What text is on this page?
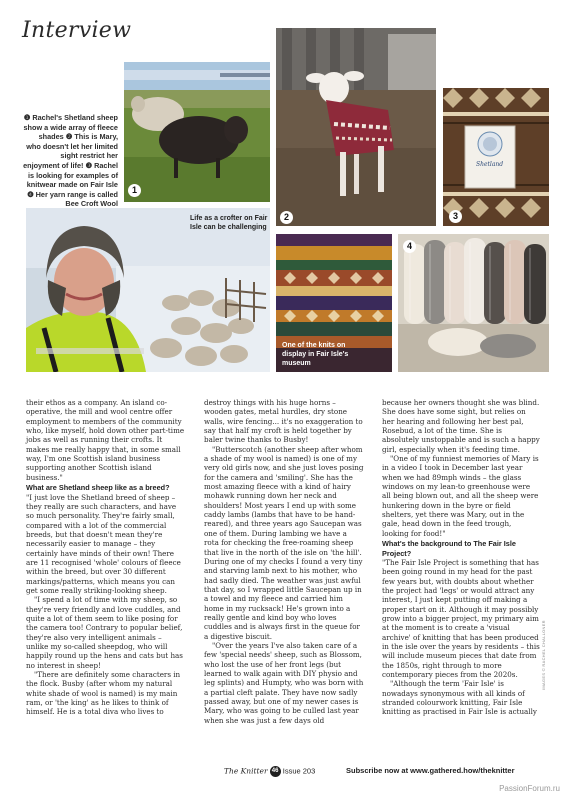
Interview
1
2
Shetland
3
Life as a crofter on Fair Isle can be challenging
One of the knits on display in Fair Isle's museum
4
❶ Rachel's Shetland sheep show a wide array of fleece shades ❷ This is Mary, who doesn't let her limited sight restrict her enjoyment of life! ❸ Rachel is looking for examples of knitwear made on Fair Isle ❹ Her yarn range is called Bee Croft Wool

their ethos as a company. An island co-operative, the mill and wool centre offer employment to members of the community who, like myself, hold down other part-time jobs as well as running their crofts. It makes me really happy that, in some small way, I'm one Scottish island business supporting another Scottish island business."

What are Shetland sheep like as a breed?

"I just love the Shetland breed of sheep – they really are such characters, and have so much personality. They're fairly small, compared with a lot of the commercial breeds, but that doesn't mean they're necessarily easier to manage – they certainly have minds of their own! There are 11 recognised 'whole' colours of fleece within the breed, but over 30 different markings/patterns, which means you can get some really striking-looking sheep.

"I spend a lot of time with my sheep, so they're very friendly and love cuddles, and quite a lot of them seem to like posing for the camera too! Contrary to popular belief, they're also very intelligent animals – unlike my so-called sheepdog, who will happily round up the hens and cats but has no interest in sheep!

"There are definitely some characters in the flock. Busby (after whom my natural white shade of wool is named) is my main ram, or 'the king' as he likes to think of himself. He is a total diva who lives to

destroy things with his huge horns – wooden gates, metal hurdles, dry stone walls, wire fencing... it's no exaggeration to say that half my croft is held together by baler twine thanks to Busby!

"Butterscotch (another sheep after whom a shade of my wool is named) is one of my very old girls now, and she just loves posing for the camera and 'smiling'. She has the most amazing fleece with a kind of hairy mohawk running down her neck and shoulders! Most years I end up with some caddy lambs (lambs that have to be hand-reared), and three years ago Saucepan was one of them. During lambing we have a rota for checking the free-roaming sheep that live in the north of the isle on 'the hill'. During one of my checks I found a very tiny and starving lamb next to his mother, who had sadly died. The weather was just awful that day, so I wrapped little Saucepan up in a towel and my fleece and carried him home in my rucksack! He's grown into a really gentle and kind boy who loves cuddles and is always first in the queue for a digestive biscuit.

"Over the years I've also taken care of a few 'special needs' sheep, such as Blossom, who lost the use of her front legs (but learned to walk again with DIY physio and leg splints) and Humpty, who was born with a partial cleft palate. They have now sadly passed away, but one of my newer cases is Mary, who was going to be culled last year when she was just a few days old

because her owners thought she was blind. She does have some sight, but relies on her hearing and following her best pal, Rosebud, a lot of the time. She is absolutely unstoppable and is such a happy girl, especially when it's feeding time.

"One of my funniest memories of Mary is in a video I took in December last year when we had 89mph winds – the glass windows on my lean-to greenhouse were all being blown out, and all the sheep were hunkering down in the byre or field shelters, yet there was Mary, out in the gale, head down in the feed trough, looking for food!"

What's the background to The Fair Isle Project?

"The Fair Isle Project is something that has been going round in my head for the past few years but, with doubts about whether the project had 'legs' or would attract any interest, I just kept putting off making a proper start on it. Although it may possibly grow into a bigger project, my primary aim at the moment is to create a 'visual archive' of knitting that has been produced in the isle over the years by residents – this will include museum pieces that date from the 1850s, right through to more contemporary pieces from the 2020s.

"Although the term 'Fair Isle' is nowadays synonymous with all kinds of stranded colourwork knitting, Fair Isle knitting as practised in Fair Isle is actually

IMAGES © RACHEL CHALLONER
The Knitter 46 Issue 203	Subscribe now at www.gathered.how/theknitter
PassionForum.ru
